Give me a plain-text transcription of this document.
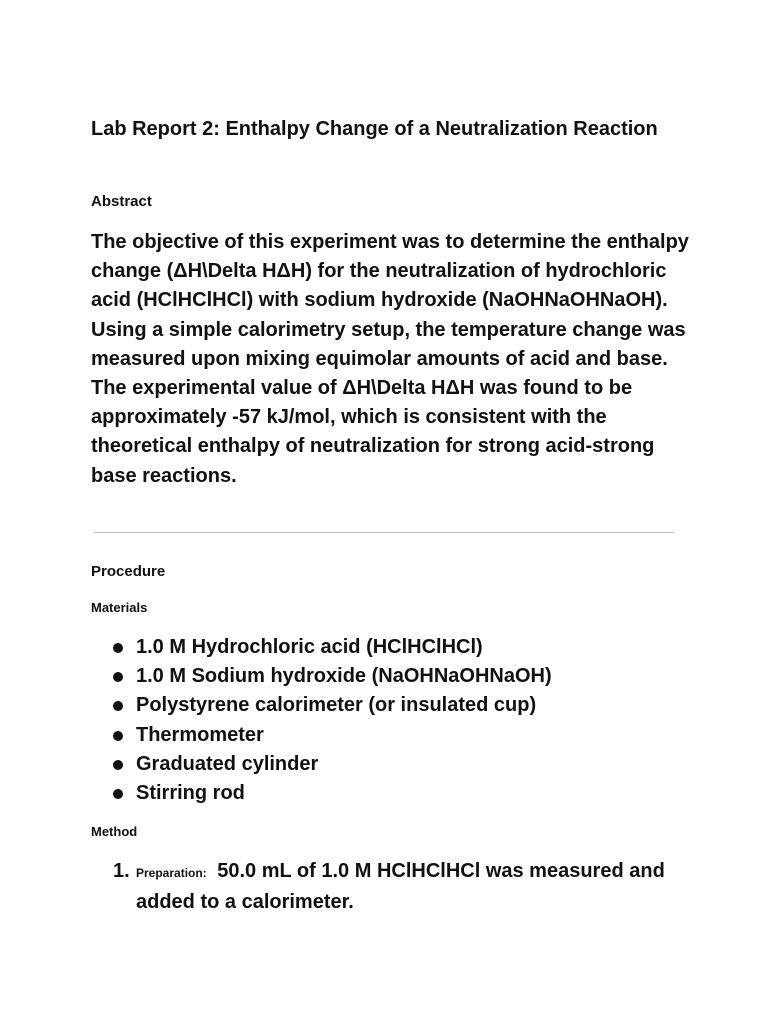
Lab Report 2: Enthalpy Change of a Neutralization Reaction
Abstract

The objective of this experiment was to determine the enthalpy change (ΔH\Delta HΔH) for the neutralization of hydrochloric acid (HClHClHCl) with sodium hydroxide (NaOHNaOHNaOH). Using a simple calorimetry setup, the temperature change was measured upon mixing equimolar amounts of acid and base. The experimental value of ΔH\Delta HΔH was found to be approximately -57 kJ/mol, which is consistent with the theoretical enthalpy of neutralization for strong acid-strong base reactions.

Procedure
Materials
1.0 M Hydrochloric acid (HClHClHCl)
1.0 M Sodium hydroxide (NaOHNaOHNaOH)
Polystyrene calorimeter (or insulated cup)
Thermometer
Graduated cylinder
Stirring rod
Method
1. Preparation: 50.0 mL of 1.0 M HClHClHCl was measured and added to a calorimeter.
